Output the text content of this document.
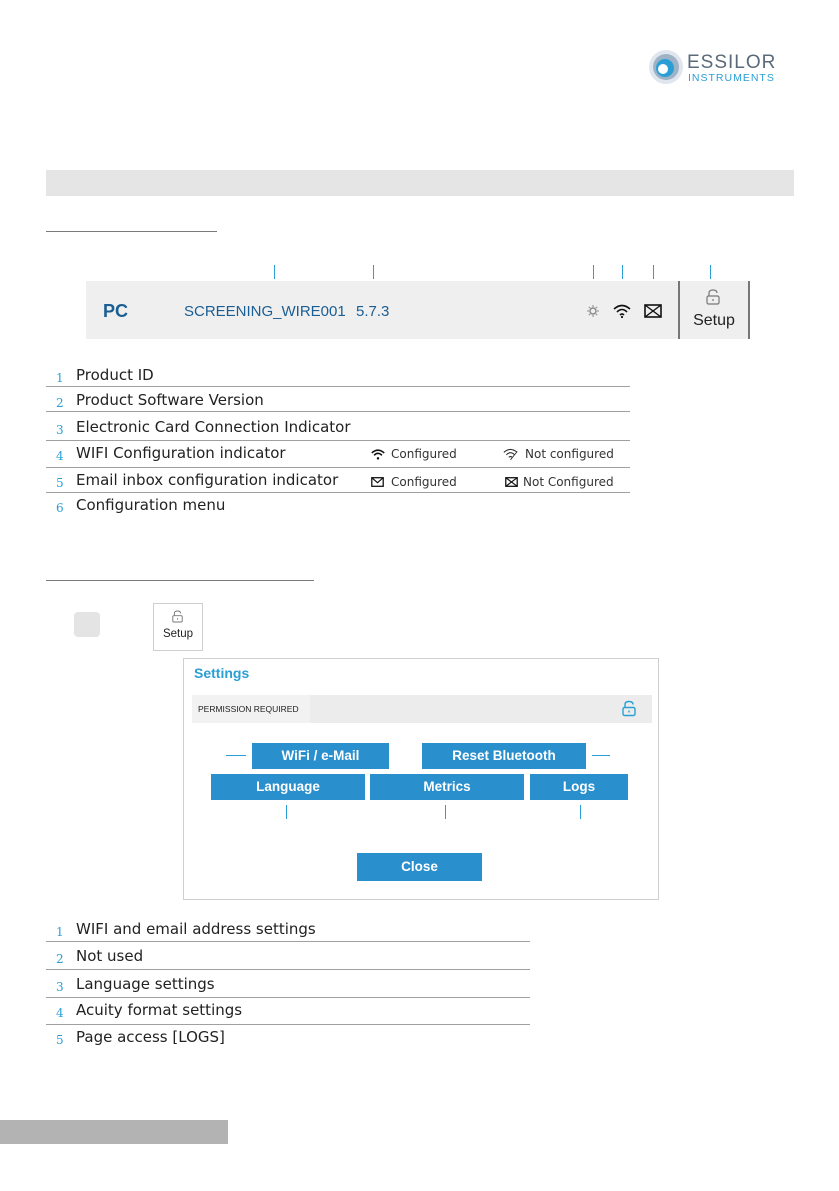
ESSILOR
INSTRUMENTS
PC	SCREENING_WIRE001 5.7.3
Setup
1 Product ID
2 Product Software Version
3 Electronic Card Connection Indicator
4 WIFI Configuration indicator	Configured	Not configured
5 Email inbox configuration indicator	Configured	Not Configured
6 Configuration menu
Setup
Settings
PERMISSION REQUIRED
WiFi / e-Mail	Reset Bluetooth
Language	Metrics	Logs
Close
1 WIFI and email address settings
2 Not used
3 Language settings
4 Acuity format settings
5 Page access [LOGS]
